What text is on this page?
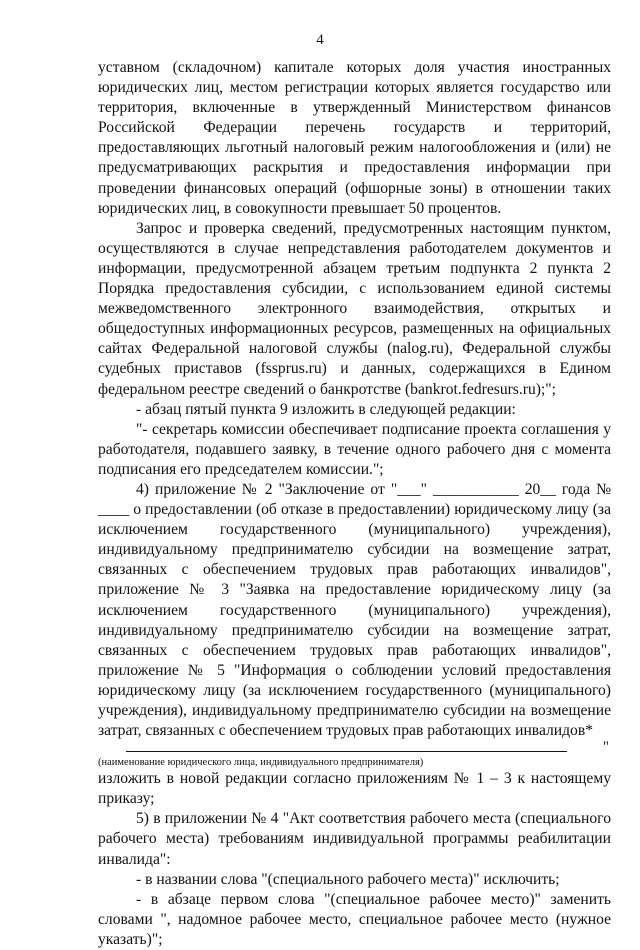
4

уставном (складочном) капитале которых доля участия иностранных юридических лиц, местом регистрации которых является государство или территория, включенные в утвержденный Министерством финансов Российской Федерации перечень государств и территорий, предоставляющих льготный налоговый режим налогообложения и (или) не предусматривающих раскрытия и предоставления информации при проведении финансовых операций (офшорные зоны) в отношении таких юридических лиц, в совокупности превышает 50 процентов.

Запрос и проверка сведений, предусмотренных настоящим пунктом, осуществляются в случае непредставления работодателем документов и информации, предусмотренной абзацем третьим подпункта 2 пункта 2 Порядка предоставления субсидии, с использованием единой системы межведомственного электронного взаимодействия, открытых и общедоступных информационных ресурсов, размещенных на официальных сайтах Федеральной налоговой службы (nalog.ru), Федеральной службы судебных приставов (fssprus.ru) и данных, содержащихся в Едином федеральном реестре сведений о банкротстве (bankrot.fedresurs.ru);";

- абзац пятый пункта 9 изложить в следующей редакции:

"- секретарь комиссии обеспечивает подписание проекта соглашения у работодателя, подавшего заявку, в течение одного рабочего дня с момента подписания его председателем комиссии.";

4) приложение № 2 "Заключение от "___" ___________ 20__ года № ____ о предоставлении (об отказе в предоставлении) юридическому лицу (за исключением государственного (муниципального) учреждения), индивидуальному предпринимателю субсидии на возмещение затрат, связанных с обеспечением трудовых прав работающих инвалидов", приложение № 3 "Заявка на предоставление юридическому лицу (за исключением государственного (муниципального) учреждения), индивидуальному предпринимателю субсидии на возмещение затрат, связанных с обеспечением трудовых прав работающих инвалидов", приложение № 5 "Информация о соблюдении условий предоставления юридическому лицу (за исключением государственного (муниципального) учреждения), индивидуальному предпринимателю субсидии на возмещение затрат, связанных с обеспечением трудовых прав работающих инвалидов*

"

(наименование юридического лица, индивидуального предпринимателя)

изложить в новой редакции согласно приложениям № 1 – 3 к настоящему приказу;

5) в приложении № 4 "Акт соответствия рабочего места (специального рабочего места) требованиям индивидуальной программы реабилитации инвалида":

- в названии слова "(специального рабочего места)" исключить;

- в абзаце первом слова "(специальное рабочее место)" заменить словами ", надомное рабочее место, специальное рабочее место (нужное указать)";
